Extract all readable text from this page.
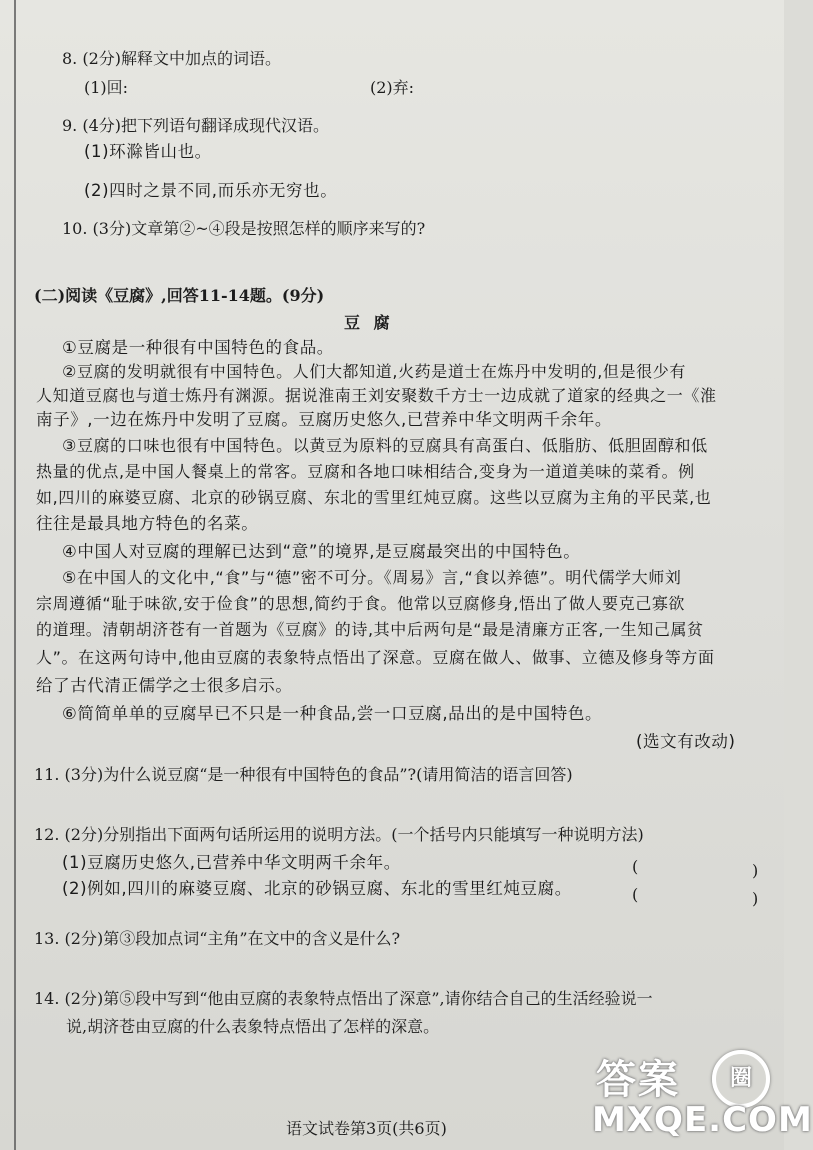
8. (2分)解释文中加点的词语。
(1)回:	(2)弃:
9. (4分)把下列语句翻译成现代汉语。
(1)环滁皆山也。
(2)四时之景不同,而乐亦无穷也。
10. (3分)文章第②~④段是按照怎样的顺序来写的?
(二)阅读《豆腐》,回答11-14题。(9分)
豆 腐
①豆腐是一种很有中国特色的食品。
②豆腐的发明就很有中国特色。人们大都知道,火药是道士在炼丹中发明的,但是很少有
人知道豆腐也与道士炼丹有渊源。据说淮南王刘安聚数千方士一边成就了道家的经典之一《淮
南子》,一边在炼丹中发明了豆腐。豆腐历史悠久,已营养中华文明两千余年。
③豆腐的口味也很有中国特色。以黄豆为原料的豆腐具有高蛋白、低脂肪、低胆固醇和低
热量的优点,是中国人餐桌上的常客。豆腐和各地口味相结合,变身为一道道美味的菜肴。例
如,四川的麻婆豆腐、北京的砂锅豆腐、东北的雪里红炖豆腐。这些以豆腐为主角的平民菜,也
往往是最具地方特色的名菜。
④中国人对豆腐的理解已达到“意”的境界,是豆腐最突出的中国特色。
⑤在中国人的文化中,“食”与“德”密不可分。《周易》言,“食以养德”。明代儒学大师刘
宗周遵循“耻于味欲,安于俭食”的思想,简约于食。他常以豆腐修身,悟出了做人要克己寡欲
的道理。清朝胡济苍有一首题为《豆腐》的诗,其中后两句是“最是清廉方正客,一生知己属贫
人”。在这两句诗中,他由豆腐的表象特点悟出了深意。豆腐在做人、做事、立德及修身等方面
给了古代清正儒学之士很多启示。
⑥简简单单的豆腐早已不只是一种食品,尝一口豆腐,品出的是中国特色。
(选文有改动)
11. (3分)为什么说豆腐“是一种很有中国特色的食品”?(请用简洁的语言回答)
12. (2分)分别指出下面两句话所运用的说明方法。(一个括号内只能填写一种说明方法)
(1)豆腐历史悠久,已营养中华文明两千余年。	(	)
(2)例如,四川的麻婆豆腐、北京的砂锅豆腐、东北的雪里红炖豆腐。	(	)
13. (2分)第③段加点词“主角”在文中的含义是什么?
14. (2分)第⑤段中写到“他由豆腐的表象特点悟出了深意”,请你结合自己的生活经验说一
说,胡济苍由豆腐的什么表象特点悟出了怎样的深意。
语文试卷第3页(共6页)
答案	圈
MXQE.COM
